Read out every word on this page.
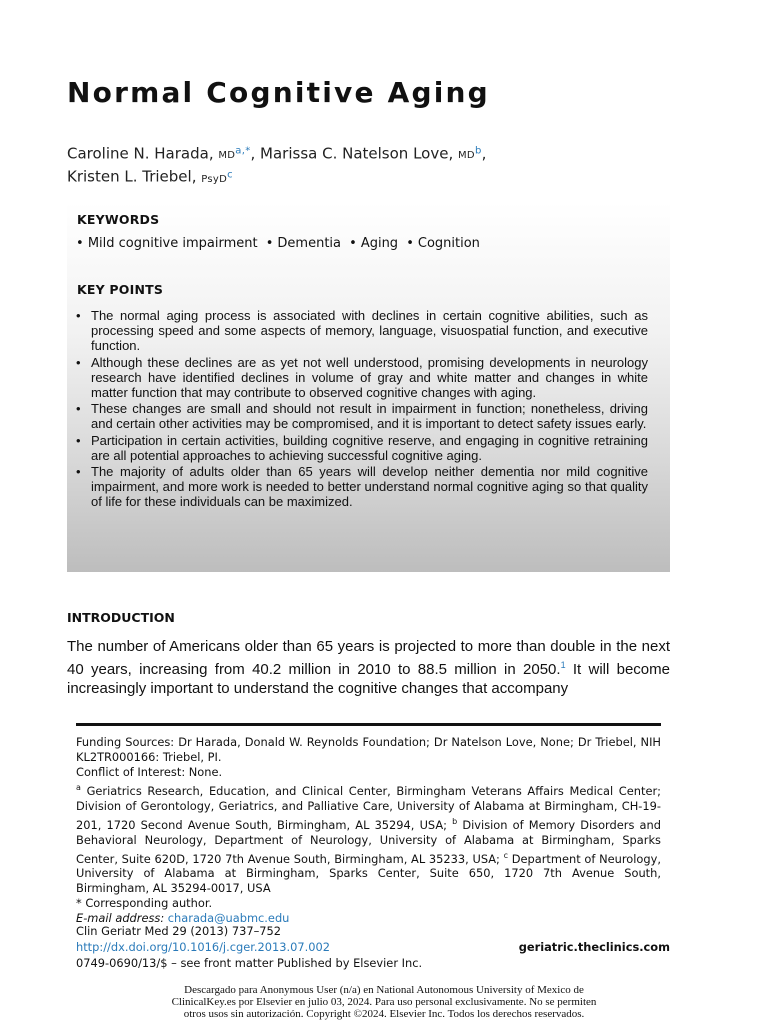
Normal Cognitive Aging
Caroline N. Harada, $MD^{a,*}$, Marissa C. Natelson Love, $MD^b$,
Kristen L. Triebel, PsyD$^c$
KEYWORDS
• Mild cognitive impairment • Dementia • Aging • Cognition
KEY POINTS
• The normal aging process is associated with declines in certain cognitive abilities, such as processing speed and some aspects of memory, language, visuospatial function, and executive function.
• Although these declines are as yet not well understood, promising developments in neurology research have identified declines in volume of gray and white matter and changes in white matter function that may contribute to observed cognitive changes with aging.
• These changes are small and should not result in impairment in function; nonetheless, driving and certain other activities may be compromised, and it is important to detect safety issues early.
• Participation in certain activities, building cognitive reserve, and engaging in cognitive retraining are all potential approaches to achieving successful cognitive aging.
• The majority of adults older than 65 years will develop neither dementia nor mild cognitive impairment, and more work is needed to better understand normal cognitive aging so that quality of life for these individuals can be maximized.
INTRODUCTION

The number of Americans older than 65 years is projected to more than double in the next 40 years, increasing from 40.2 million in 2010 to 88.5 million in 2050.$^1$ It will become increasingly important to understand the cognitive changes that accompany

Funding Sources: Dr Harada, Donald W. Reynolds Foundation; Dr Natelson Love, None; Dr Triebel, NIH KL2TR000166: Triebel, PI.

Conflict of Interest: None.

$^a$ Geriatrics Research, Education, and Clinical Center, Birmingham Veterans Affairs Medical Center; Division of Gerontology, Geriatrics, and Palliative Care, University of Alabama at Birmingham, CH-19-201, 1720 Second Avenue South, Birmingham, AL 35294, USA; $^b$ Division of Memory Disorders and Behavioral Neurology, Department of Neurology, University of Alabama at Birmingham, Sparks Center, Suite 620D, 1720 7th Avenue South, Birmingham, AL 35233, USA; $^c$ Department of Neurology, University of Alabama at Birmingham, Sparks Center, Suite 650, 1720 7th Avenue South, Birmingham, AL 35294-0017, USA

* Corresponding author.

E-mail address: charada@uabmc.edu

Clin Geriatr Med 29 (2013) 737–752

http://dx.doi.org/10.1016/j.cger.2013.07.002

0749-0690/13/$ – see front matter Published by Elsevier Inc.

geriatric.theclinics.com

Descargado para Anonymous User (n/a) en National Autonomous University of Mexico de

ClinicalKey.es por Elsevier en julio 03, 2024. Para uso personal exclusivamente. No se permiten

otros usos sin autorización. Copyright ©2024. Elsevier Inc. Todos los derechos reservados.
